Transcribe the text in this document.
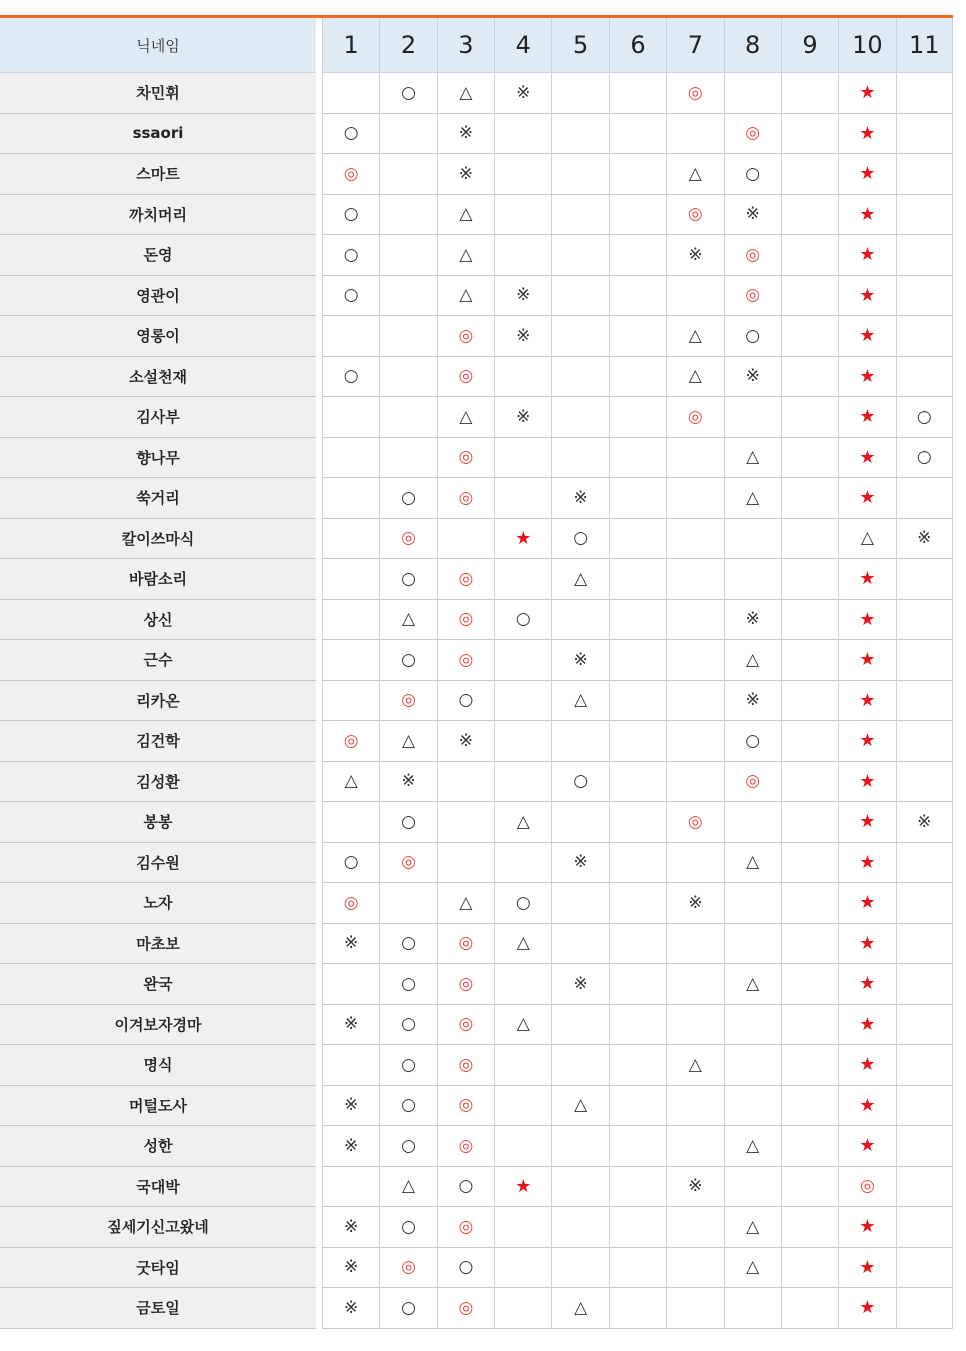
닉네임		1	2	3	4	5	6	7	8	9	10	11
차민휘			○	△	※			◎			★	
ssaori		○		※					◎		★	
스마트		◎		※				△	○		★	
까치머리		○		△				◎	※		★	
돈영		○		△				※	◎		★	
영관이		○		△	※				◎		★	
영롱이				◎	※			△	○		★	
소설천재		○		◎				△	※		★	
김사부				△	※			◎			★	○
향나무				◎					△		★	○
쑥거리			○	◎		※			△		★	
칼이쓰마식			◎		★	○					△	※
바람소리			○	◎		△					★	
상신			△	◎	○				※		★	
근수			○	◎		※			△		★	
리카온			◎	○		△			※		★	
김건학		◎	△	※					○		★	
김성환		△	※			○			◎		★	
봉봉			○		△			◎			★	※
김수원		○	◎			※			△		★	
노자		◎		△	○			※			★	
마초보		※	○	◎	△						★	
완국			○	◎		※			△		★	
이겨보자경마		※	○	◎	△						★	
명식			○	◎				△			★	
머털도사		※	○	◎		△					★	
성한		※	○	◎					△		★	
국대박			△	○	★			※			◎	
짚세기신고왔네		※	○	◎					△		★	
굿타임		※	◎	○					△		★	
금토일		※	○	◎		△					★	
